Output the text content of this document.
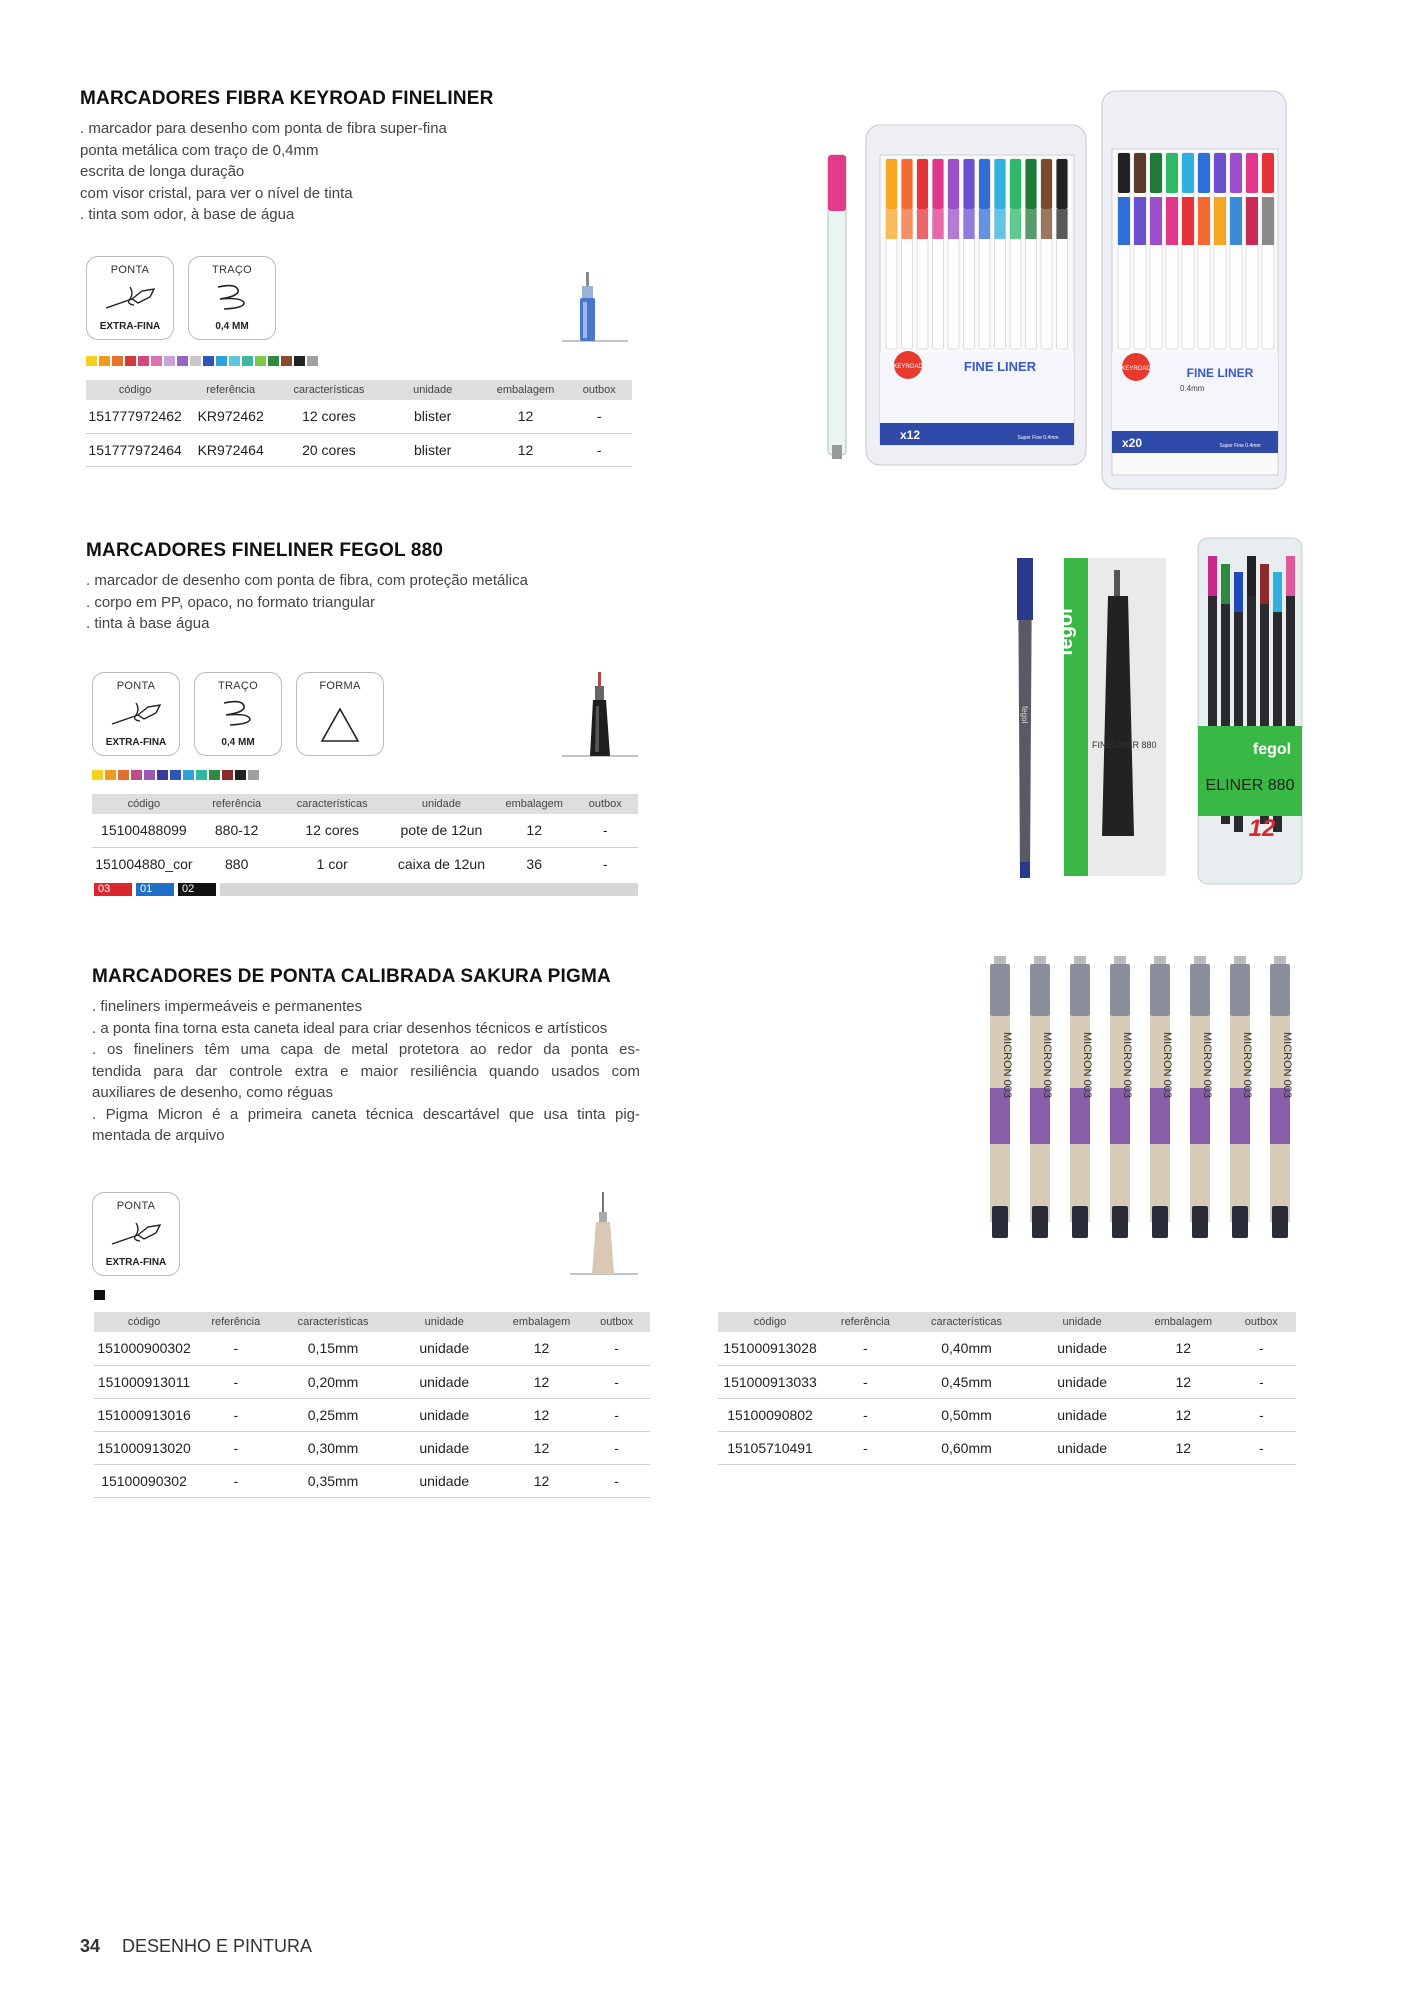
MARCADORES FIBRA KEYROAD FINELINER
. marcador para desenho com ponta de fibra super-fina
ponta metálica com traço de 0,4mm
escrita de longa duração
com visor cristal, para ver o nível de tinta
. tinta som odor, à base de água
PONTA
EXTRA-FINA
TRAÇO
0,4 MM
código	referência	características	unidade	embalagem	outbox
151777972462	KR972462	12 cores	blister	12	-
151777972464	KR972464	20 cores	blister	12	-
KEYROAD	FINE LINER
x12	Super Fine 0.4mm
KEYROAD	FINE LINER
0.4mm
x20	Super Fine 0.4mm
MARCADORES FINELINER FEGOL 880
. marcador de desenho com ponta de fibra, com proteção metálica
. corpo em PP, opaco, no formato triangular
. tinta à base água
PONTA
EXTRA-FINA
TRAÇO
0,4 MM
FORMA
código	referência	características	unidade	embalagem	outbox
15100488099	880-12	12 cores	pote de 12un	12	-
151004880_cor	880	1 cor	caixa de 12un	36	-
03	01	02
fegol
fegol
FINELINER 880	fegol
ELINER 880
12
MARCADORES DE PONTA CALIBRADA SAKURA PIGMA
. fineliners impermeáveis e permanentes
. a ponta fina torna esta caneta ideal para criar desenhos técnicos e artísticos
. os fineliners têm uma capa de metal protetora ao redor da ponta es-
tendida para dar controle extra e maior resiliência quando usados com
auxiliares de desenho, como réguas
. Pigma Micron é a primeira caneta técnica descartável que usa tinta pig-
mentada de arquivo
PONTA
EXTRA-FINA
código	referência	características	unidade	embalagem	outbox
151000900302	-	0,15mm	unidade	12	-
151000913011	-	0,20mm	unidade	12	-
151000913016	-	0,25mm	unidade	12	-
151000913020	-	0,30mm	unidade	12	-
15100090302	-	0,35mm	unidade	12	-
código	referência	características	unidade	embalagem	outbox
151000913028	-	0,40mm	unidade	12	-
151000913033	-	0,45mm	unidade	12	-
15100090802	-	0,50mm	unidade	12	-
15105710491	-	0,60mm	unidade	12	-
MICRON 003	MICRON 003	MICRON 003	MICRON 003	MICRON 003	MICRON 003	MICRON 003	MICRON 003
34 DESENHO E PINTURA
